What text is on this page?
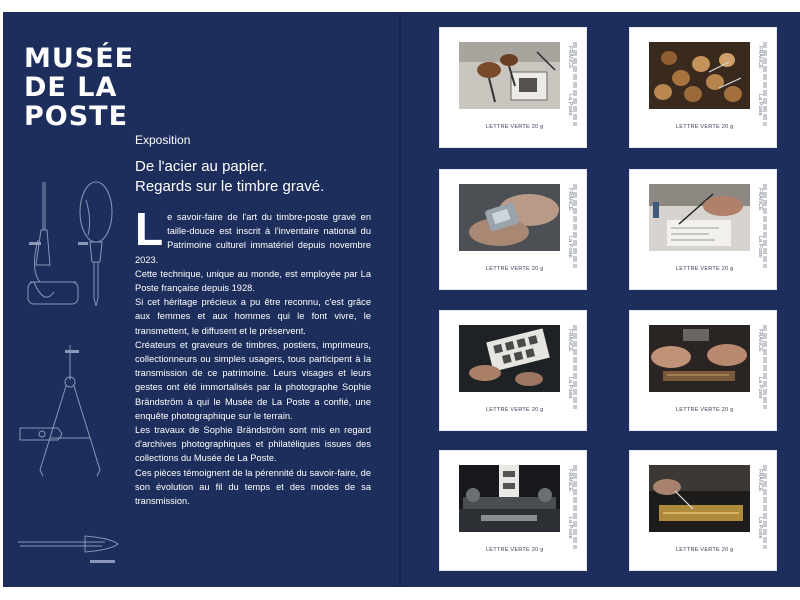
MUSÉE
DE LA
POSTE
Exposition
De l'acier au papier.
Regards sur le timbre gravé.

Le savoir-faire de l'art du timbre-poste gravé en taille-douce est inscrit à l'inventaire national du Patrimoine culturel immatériel depuis novembre 2023.

Cette technique, unique au monde, est employée par La Poste française depuis 1928.

Si cet héritage précieux a pu être reconnu, c'est grâce aux femmes et aux hommes qui le font vivre, le transmettent, le diffusent et le préservent.

Créateurs et graveurs de timbres, postiers, imprimeurs, collectionneurs ou simples usagers, tous participent à la transmission de ce patrimoine. Leurs visages et leurs gestes ont été immortalisés par la photographe Sophie Brändström à qui le Musée de La Poste a confié, une enquête photographique sur le terrain.

Les travaux de Sophie Brändström sont mis en regard d'archives photographiques et philatéliques issues des collections du Musée de La Poste.

Ces pièces témoignent de la pérennité du savoir-faire, de son évolution au fil du temps et des modes de sa transmission.

FRANCE
La Poste
LETTRE VERTE 20 g
FRANCE
La Poste
LETTRE VERTE 20 g
FRANCE
La Poste
LETTRE VERTE 20 g
FRANCE
La Poste
LETTRE VERTE 20 g
FRANCE
La Poste
LETTRE VERTE 20 g
FRANCE
La Poste
LETTRE VERTE 20 g
FRANCE
La Poste
LETTRE VERTE 20 g
FRANCE
La Poste
LETTRE VERTE 20 g
